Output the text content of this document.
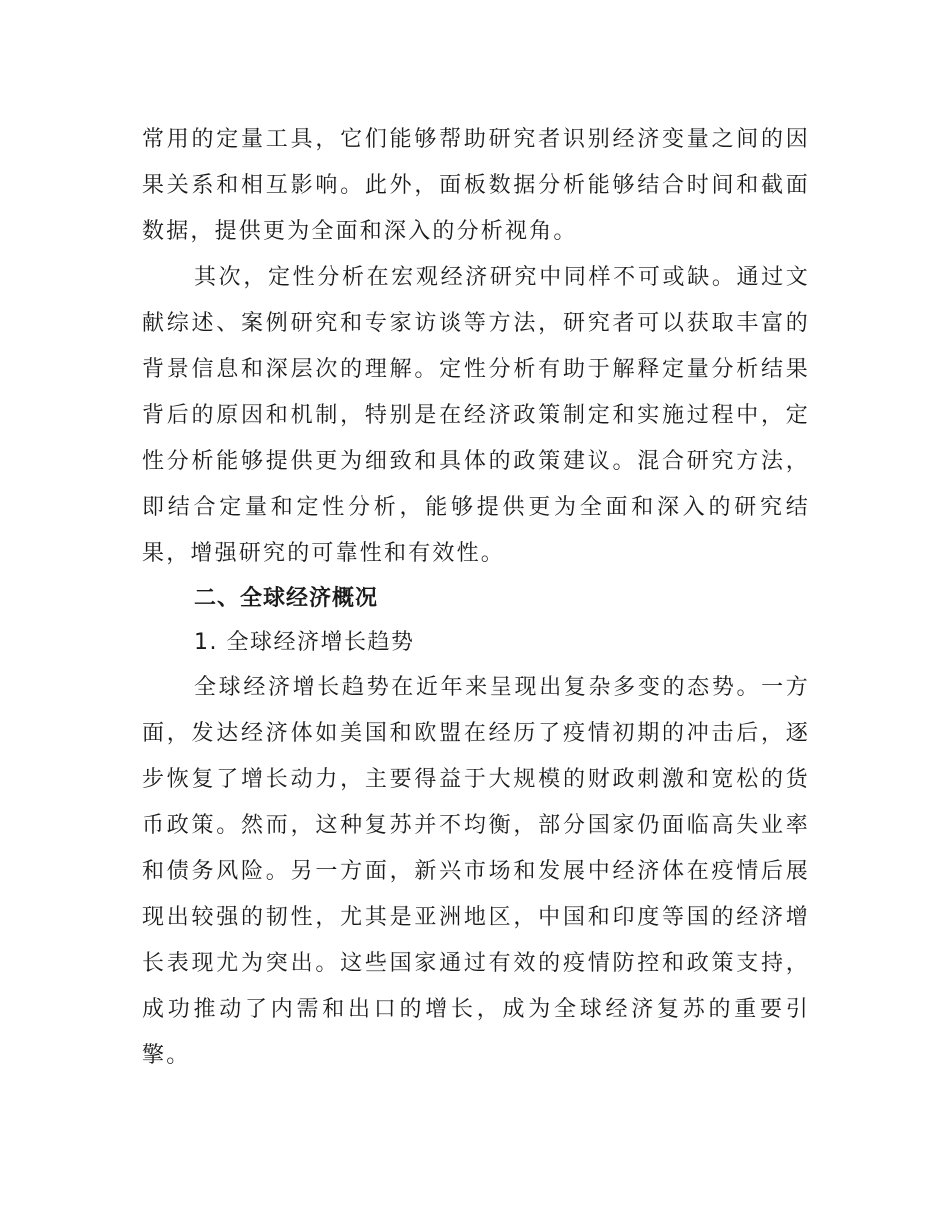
常用的定量工具，它们能够帮助研究者识别经济变量之间的因果关系和相互影响。此外，面板数据分析能够结合时间和截面数据，提供更为全面和深入的分析视角。

其次，定性分析在宏观经济研究中同样不可或缺。通过文献综述、案例研究和专家访谈等方法，研究者可以获取丰富的背景信息和深层次的理解。定性分析有助于解释定量分析结果背后的原因和机制，特别是在经济政策制定和实施过程中，定性分析能够提供更为细致和具体的政策建议。混合研究方法，即结合定量和定性分析，能够提供更为全面和深入的研究结果，增强研究的可靠性和有效性。

二、全球经济概况

1. 全球经济增长趋势

全球经济增长趋势在近年来呈现出复杂多变的态势。一方面，发达经济体如美国和欧盟在经历了疫情初期的冲击后，逐步恢复了增长动力，主要得益于大规模的财政刺激和宽松的货币政策。然而，这种复苏并不均衡，部分国家仍面临高失业率和债务风险。另一方面，新兴市场和发展中经济体在疫情后展现出较强的韧性，尤其是亚洲地区，中国和印度等国的经济增长表现尤为突出。这些国家通过有效的疫情防控和政策支持，成功推动了内需和出口的增长，成为全球经济复苏的重要引擎。
